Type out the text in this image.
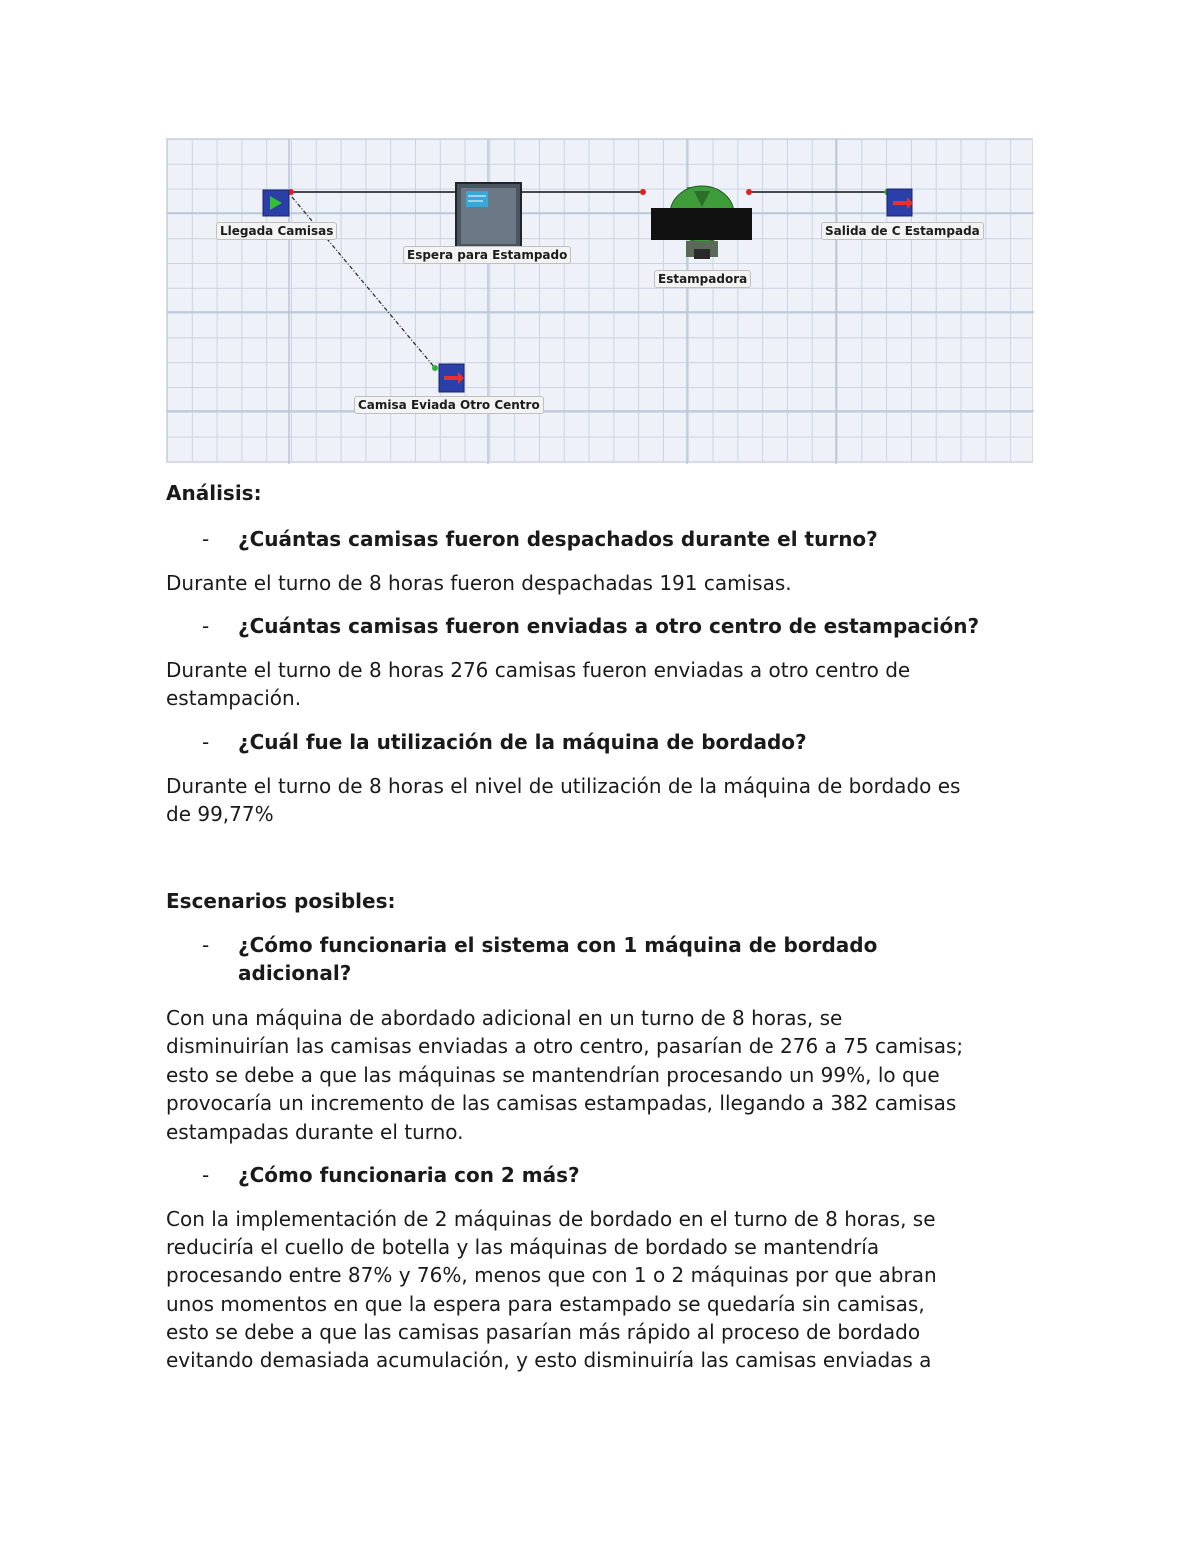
Llegada Camisas
Espera para Estampado
Estampadora
Salida de C Estampada
Camisa Eviada Otro Centro

Análisis:

- ¿Cuántas camisas fueron despachados durante el turno?

Durante el turno de 8 horas fueron despachadas 191 camisas.

- ¿Cuántas camisas fueron enviadas a otro centro de estampación?

Durante el turno de 8 horas 276 camisas fueron enviadas a otro centro de

estampación.

- ¿Cuál fue la utilización de la máquina de bordado?

Durante el turno de 8 horas el nivel de utilización de la máquina de bordado es

de 99,77%

Escenarios posibles:

- ¿Cómo funcionaria el sistema con 1 máquina de bordado
adicional?

Con una máquina de abordado adicional en un turno de 8 horas, se

disminuirían las camisas enviadas a otro centro, pasarían de 276 a 75 camisas;

esto se debe a que las máquinas se mantendrían procesando un 99%, lo que

provocaría un incremento de las camisas estampadas, llegando a 382 camisas

estampadas durante el turno.

- ¿Cómo funcionaria con 2 más?

Con la implementación de 2 máquinas de bordado en el turno de 8 horas, se

reduciría el cuello de botella y las máquinas de bordado se mantendría

procesando entre 87% y 76%, menos que con 1 o 2 máquinas por que abran

unos momentos en que la espera para estampado se quedaría sin camisas,

esto se debe a que las camisas pasarían más rápido al proceso de bordado

evitando demasiada acumulación, y esto disminuiría las camisas enviadas a
